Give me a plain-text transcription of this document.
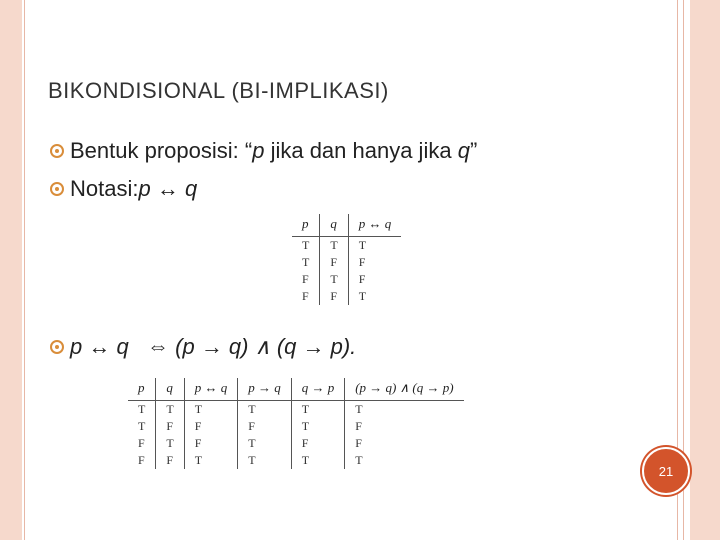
BIKONDISIONAL (BI-IMPLIKASI)
Bentuk proposisi: “p jika dan hanya jika q”
Notasi: p ↔ q
p	q	p ↔ q
T	T	T
T	F	F
F	T	F
F	F	T
p ↔ q   ⇔ (p → q) ∧ (q → p).
p	q	p ↔ q	p → q	q → p	(p → q) ∧ (q → p)
T	T	T	T	T	T
T	F	F	F	T	F
F	T	F	T	F	F
F	F	T	T	T	T
21
